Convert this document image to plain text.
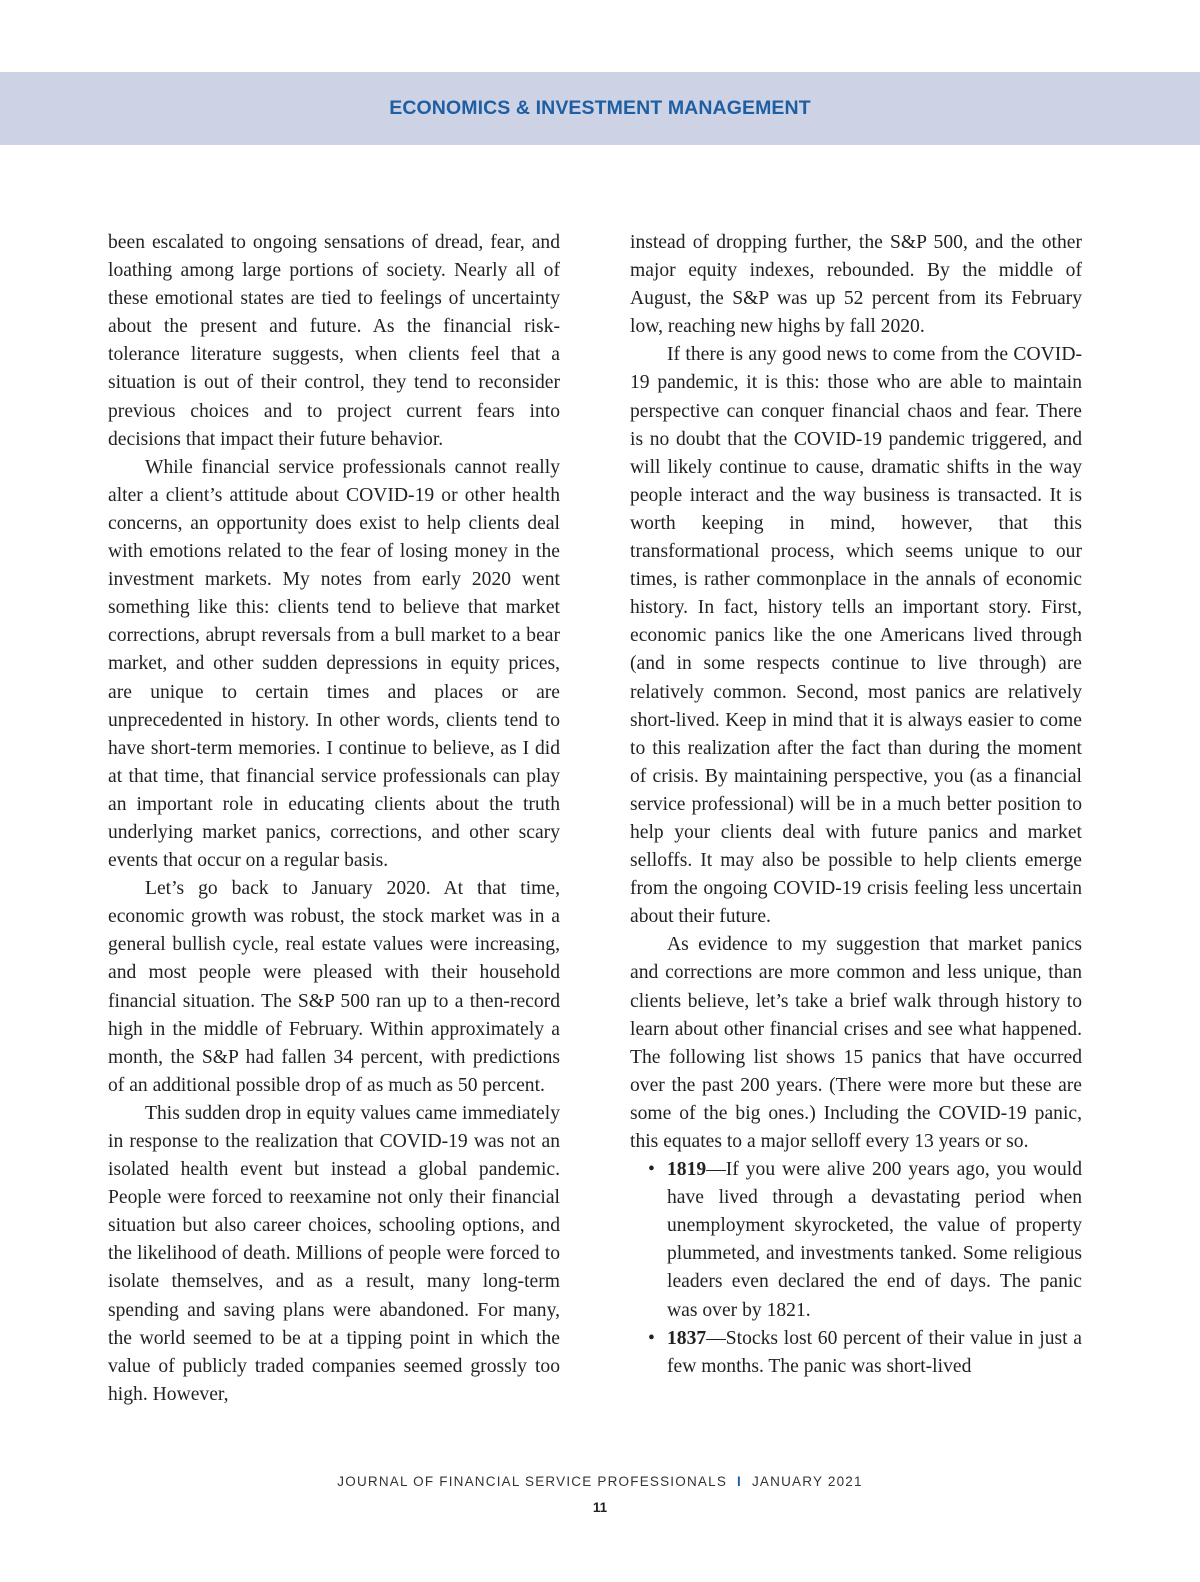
ECONOMICS & INVESTMENT MANAGEMENT

been escalated to ongoing sensations of dread, fear, and loathing among large portions of society. Nearly all of these emotional states are tied to feelings of uncertainty about the present and future. As the financial risk-tolerance literature suggests, when clients feel that a situation is out of their control, they tend to reconsider previous choices and to project current fears into decisions that impact their future behavior.

While financial service professionals cannot really alter a client’s attitude about COVID-19 or other health concerns, an opportunity does exist to help clients deal with emotions related to the fear of losing money in the investment markets. My notes from early 2020 went something like this: clients tend to believe that market corrections, abrupt reversals from a bull market to a bear market, and other sudden depressions in equity prices, are unique to certain times and places or are unprecedented in history. In other words, clients tend to have short-term memories. I continue to believe, as I did at that time, that financial service professionals can play an important role in educating clients about the truth underlying market panics, corrections, and other scary events that occur on a regular basis.

Let’s go back to January 2020. At that time, economic growth was robust, the stock market was in a general bullish cycle, real estate values were increasing, and most people were pleased with their household financial situation. The S&P 500 ran up to a then-record high in the middle of February. Within approximately a month, the S&P had fallen 34 percent, with predictions of an additional possible drop of as much as 50 percent.

This sudden drop in equity values came immediately in response to the realization that COVID-19 was not an isolated health event but instead a global pandemic. People were forced to reexamine not only their financial situation but also career choices, schooling options, and the likelihood of death. Millions of people were forced to isolate themselves, and as a result, many long-term spending and saving plans were abandoned. For many, the world seemed to be at a tipping point in which the value of publicly traded companies seemed grossly too high. However,

instead of dropping further, the S&P 500, and the other major equity indexes, rebounded. By the middle of August, the S&P was up 52 percent from its February low, reaching new highs by fall 2020.

If there is any good news to come from the COVID-19 pandemic, it is this: those who are able to maintain perspective can conquer financial chaos and fear. There is no doubt that the COVID-19 pandemic triggered, and will likely continue to cause, dramatic shifts in the way people interact and the way business is transacted. It is worth keeping in mind, however, that this transformational process, which seems unique to our times, is rather commonplace in the annals of economic history. In fact, history tells an important story. First, economic panics like the one Americans lived through (and in some respects continue to live through) are relatively common. Second, most panics are relatively short-lived. Keep in mind that it is always easier to come to this realization after the fact than during the moment of crisis. By maintaining perspective, you (as a financial service professional) will be in a much better position to help your clients deal with future panics and market selloffs. It may also be possible to help clients emerge from the ongoing COVID-19 crisis feeling less uncertain about their future.

As evidence to my suggestion that market panics and corrections are more common and less unique, than clients believe, let’s take a brief walk through history to learn about other financial crises and see what happened. The following list shows 15 panics that have occurred over the past 200 years. (There were more but these are some of the big ones.) Including the COVID-19 panic, this equates to a major selloff every 13 years or so.

• 1819—If you were alive 200 years ago, you would have lived through a devastating period when unemployment skyrocketed, the value of property plummeted, and investments tanked. Some religious leaders even declared the end of days. The panic was over by 1821.
• 1837—Stocks lost 60 percent of their value in just a few months. The panic was short-lived
JOURNAL OF FINANCIAL SERVICE PROFESSIONALS I JANUARY 2021
11
